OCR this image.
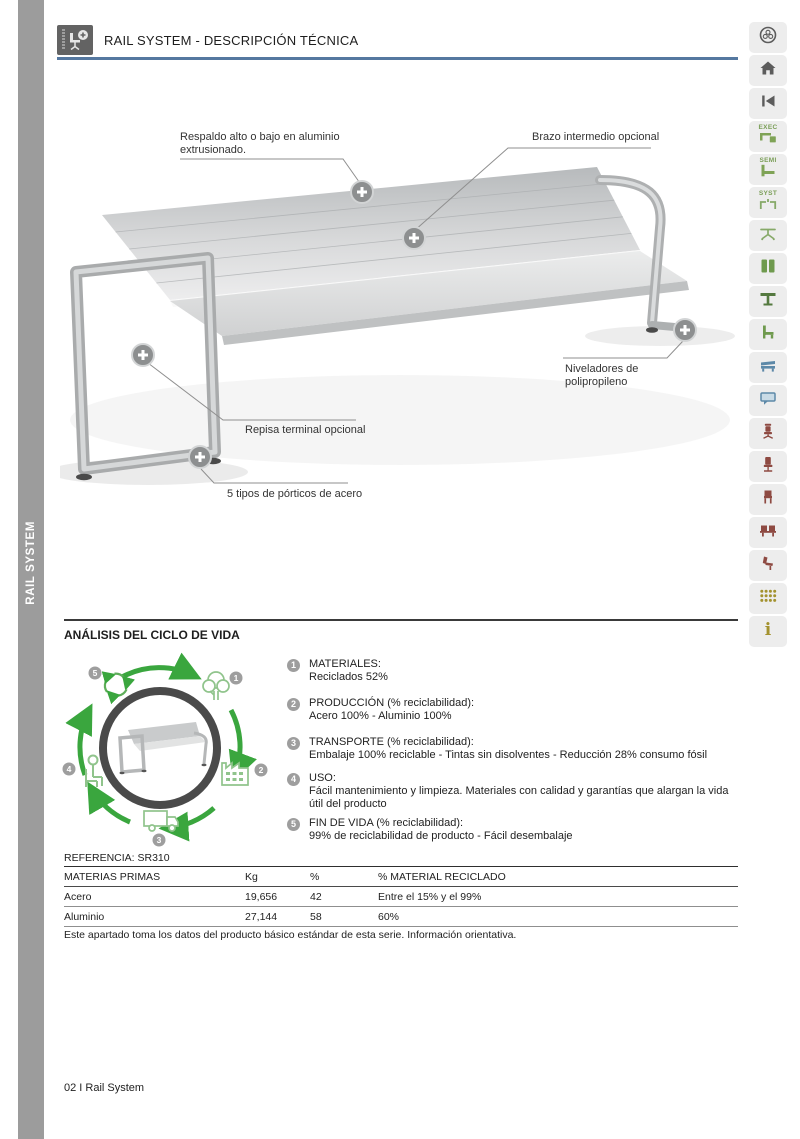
RAIL SYSTEM
RAIL SYSTEM - DESCRIPCIÓN TÉCNICA
EXEC
SEMI
SYST
i
Respaldo alto o bajo en aluminio extrusionado.
Brazo intermedio opcional
Niveladores de polipropileno
Repisa terminal opcional
5 tipos de pórticos de acero
ANÁLISIS DEL CICLO DE VIDA
1
2
3
4
5
1	MATERIALES:
Reciclados 52%
2	PRODUCCIÓN (% reciclabilidad):
Acero 100% - Aluminio 100%
3	TRANSPORTE (% reciclabilidad):
Embalaje 100% reciclable - Tintas sin disolventes - Reducción 28% consumo fósil
4	USO:
Fácil mantenimiento y limpieza. Materiales con calidad y garantías que alargan la vida útil del producto
5	FIN DE VIDA (% reciclabilidad):
99% de reciclabilidad de producto - Fácil desembalaje
REFERENCIA: SR310
MATERIAS PRIMAS	Kg	%	% MATERIAL RECICLADO
Acero	19,656	42	Entre el 15% y el 99%
Aluminio	27,144	58	60%
Este apartado toma los datos del producto básico estándar de esta serie. Información orientativa.
02 I Rail System
